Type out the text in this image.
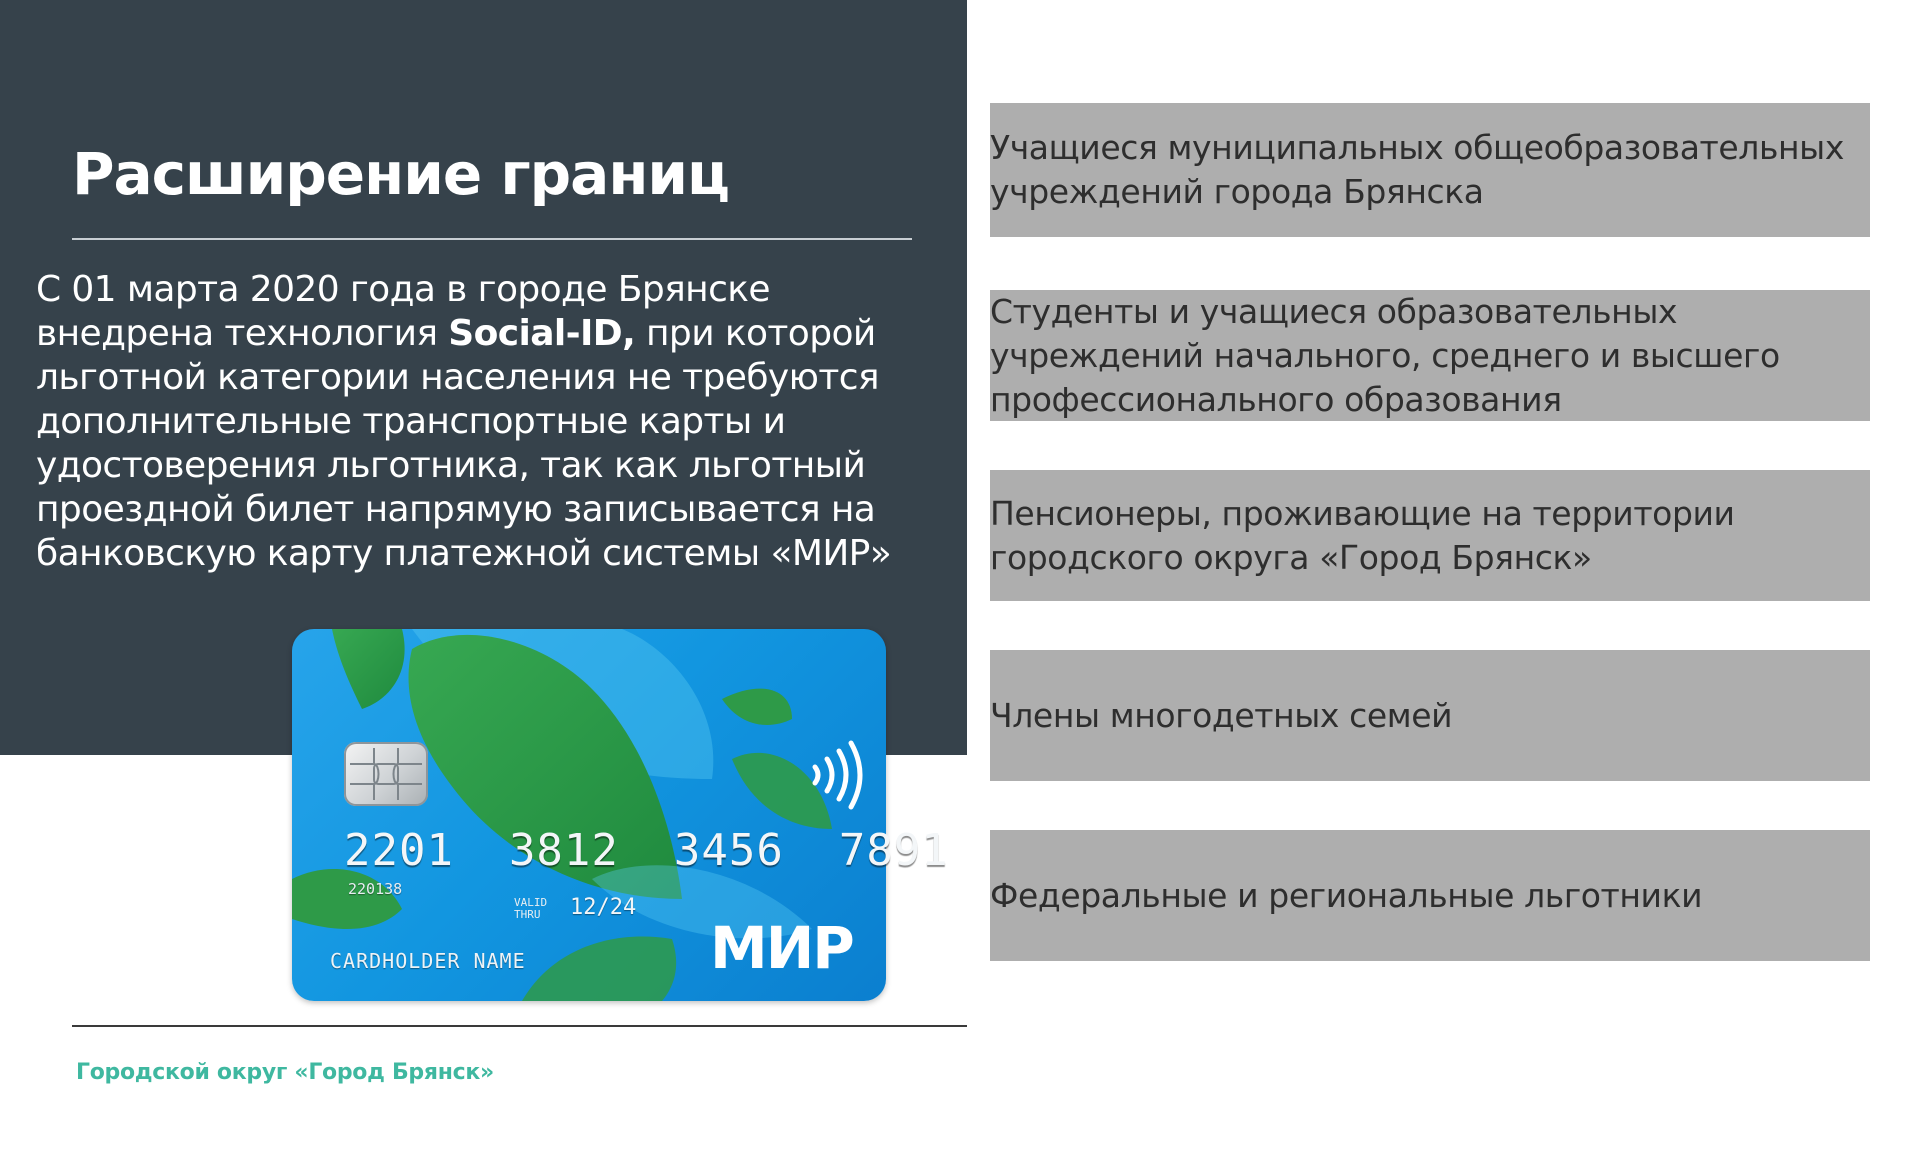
Расширение границ

С 01 марта 2020 года в городе Брянске внедрена технология Social-ID, при которой льготной категории населения не требуются дополнительные транспортные карты и удостоверения льготника, так как льготный проездной билет напрямую записывается на банковскую карту платежной системы «МИР»

2201  3812  3456  7891
220138
VALID THRU	12/24
CARDHOLDER NAME	МИР
Городской округ «Город Брянск»
Учащиеся муниципальных общеобразовательных учреждений города Брянска
Студенты и учащиеся образовательных учреждений начального, среднего и высшего профессионального образования
Пенсионеры, проживающие на территории городского округа «Город Брянск»
Члены многодетных семей
Федеральные и региональные льготники
